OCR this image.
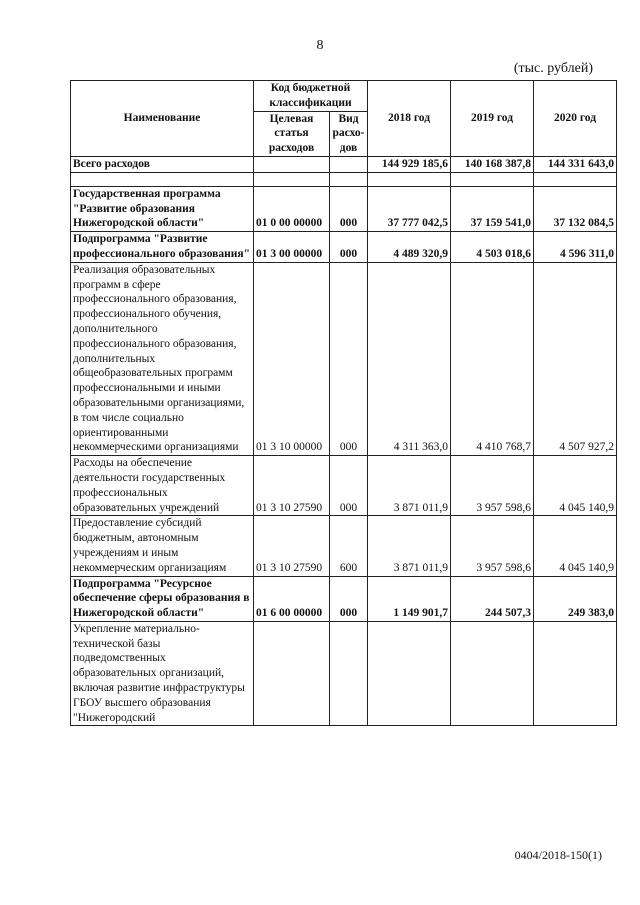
8
(тыс. рублей)
Наименование	Код бюджетной классификации		2018 год	2019 год	2020 год
	Целевая статья расходов	Вид расхо-дов			
Всего расходов			144 929 185,6	140 168 387,8	144 331 643,0

Государственная программа "Развитие образования Нижегородской области"	01 0 00 00000	000	37 777 042,5	37 159 541,0	37 132 084,5
Подпрограмма "Развитие профессионального образования"	01 3 00 00000	000	4 489 320,9	4 503 018,6	4 596 311,0
Реализация образовательных программ в сфере профессионального образования, профессионального обучения, дополнительного профессионального образования, дополнительных общеобразовательных программ профессиональными и иными образовательными организациями, в том числе социально ориентированными некоммерческими организациями	01 3 10 00000	000	4 311 363,0	4 410 768,7	4 507 927,2
Расходы на обеспечение деятельности государственных профессиональных образовательных учреждений	01 3 10 27590	000	3 871 011,9	3 957 598,6	4 045 140,9
Предоставление субсидий бюджетным, автономным учреждениям и иным некоммерческим организациям	01 3 10 27590	600	3 871 011,9	3 957 598,6	4 045 140,9
Подпрограмма "Ресурсное обеспечение сферы образования в Нижегородской области"	01 6 00 00000	000	1 149 901,7	244 507,3	249 383,0
Укрепление материально-технической базы подведомственных образовательных организаций, включая развитие инфраструктуры ГБОУ высшего образования "Нижегородский					
0404/2018-150(1)
